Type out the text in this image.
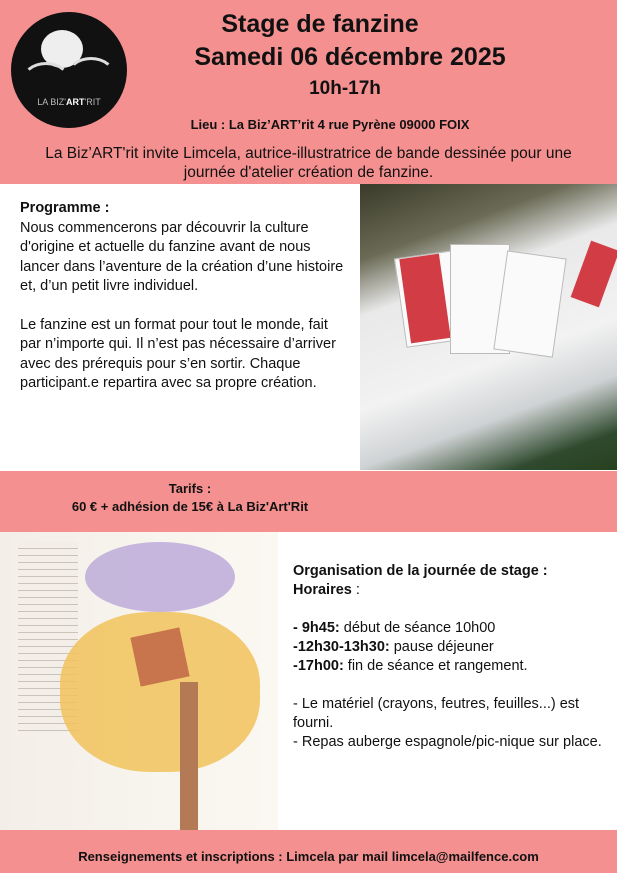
LA BIZ'ART'RIT
Stage de fanzine
Samedi 06 décembre 2025
10h-17h
Lieu : La Biz’ART’rit 4 rue Pyrène 09000 FOIX
La Biz’ART'rit invite Limcela, autrice-illustratrice de bande dessinée pour une journée d'atelier création de fanzine.
Programme :

Nous commencerons par découvrir la culture d'origine et actuelle du fanzine avant de nous lancer dans l’aventure de la création d’une histoire et, d’un petit livre individuel.

Le fanzine est un format pour tout le monde, fait par n’importe qui. Il n’est pas nécessaire d’arriver avec des prérequis pour s’en sortir. Chaque participant.e repartira avec sa propre création.

Tarifs :
60 € + adhésion de 15€ à La Biz'Art'Rit
Organisation de la journée de stage :
Horaires :
- 9h45: début de séance 10h00
-12h30-13h30: pause déjeuner
-17h00: fin de séance et rangement.
- Le matériel (crayons, feutres, feuilles...) est fourni.
- Repas auberge espagnole/pic-nique sur place.
Renseignements et inscriptions : Limcela par mail limcela@mailfence.com
